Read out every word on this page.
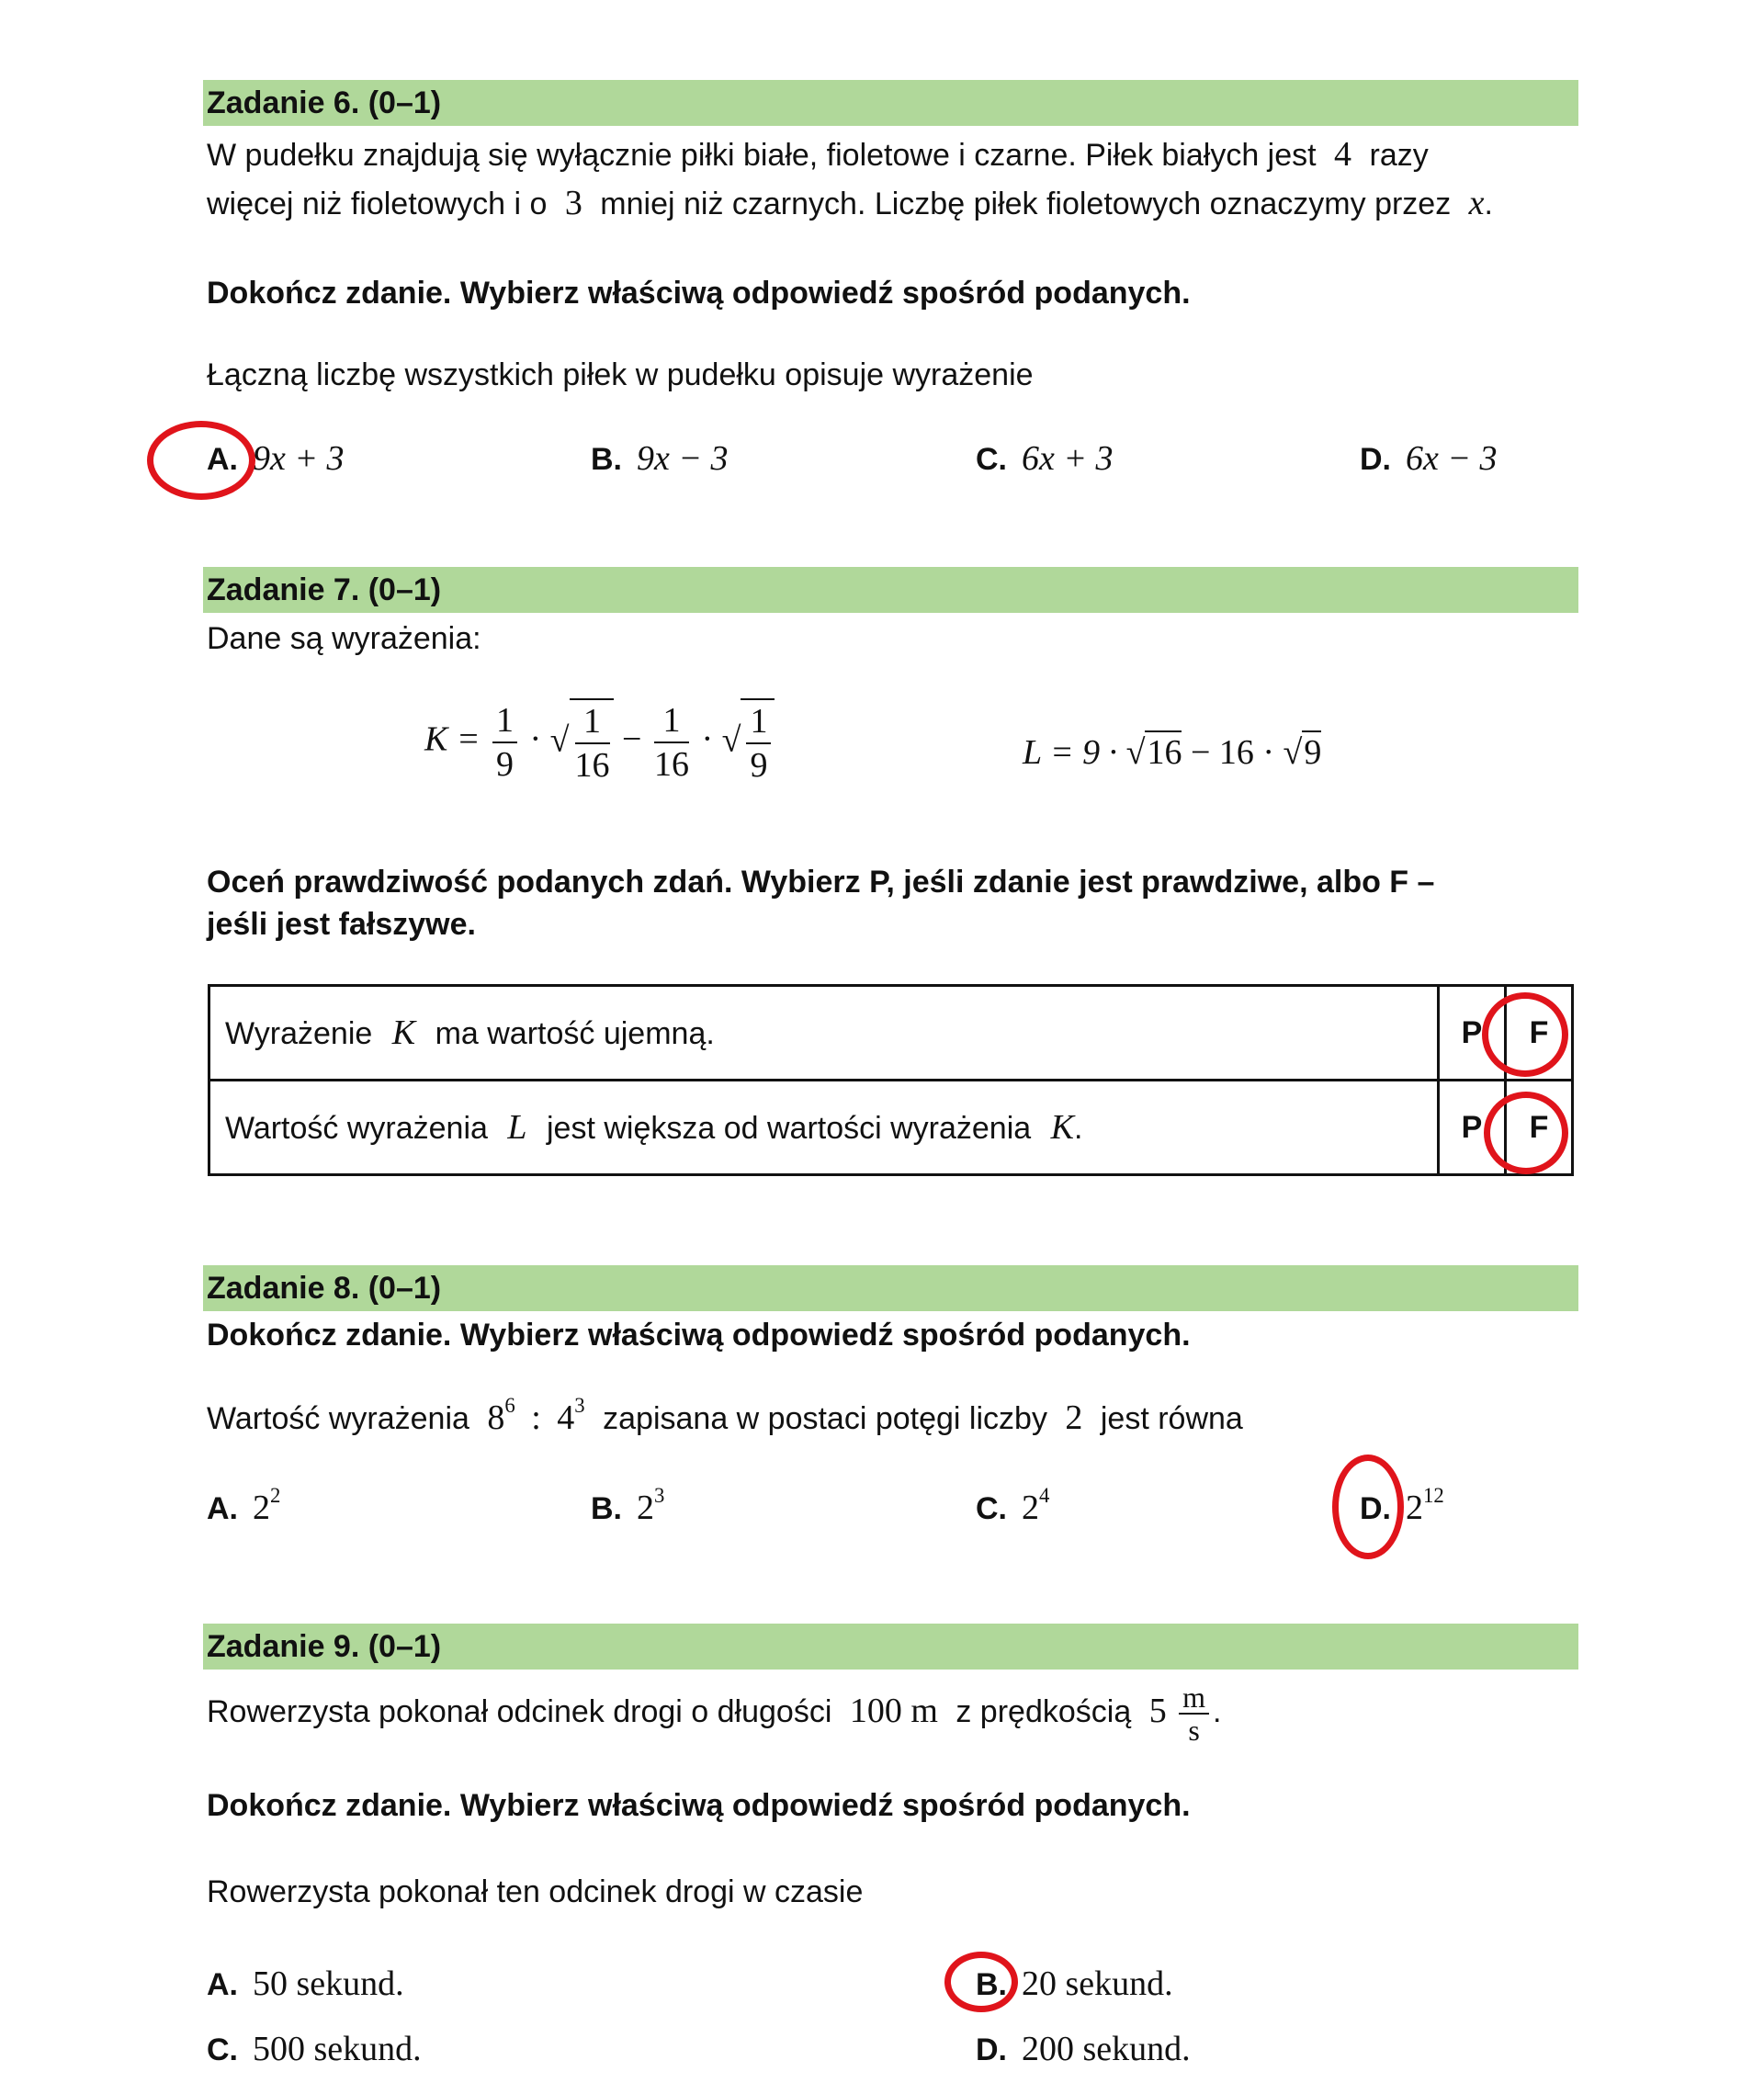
Zadanie 6. (0–1)
W pudełku znajdują się wyłącznie piłki białe, fioletowe i czarne. Piłek białych jest 4 razy
więcej niż fioletowych i o 3 mniej niż czarnych. Liczbę piłek fioletowych oznaczymy przez x.
Dokończ zdanie. Wybierz właściwą odpowiedź spośród podanych.
Łączną liczbę wszystkich piłek w pudełku opisuje wyrażenie
A. 9x + 3	B. 9x − 3	C. 6x + 3	D. 6x − 3
Zadanie 7. (0–1)
Dane są wyrażenia:
$K = \frac{1}{9}$ · √ $\frac{1}{16} - \frac{1}{16}$ · √ $\frac{1}{9}$	L = 9 · √16 − 16 · √9
Oceń prawdziwość podanych zdań. Wybierz P, jeśli zdanie jest prawdziwe, albo F –
jeśli jest fałszywe.
Wyrażenie K ma wartość ujemną.	P	F
Wartość wyrażenia L jest większa od wartości wyrażenia K.	P	F
Zadanie 8. (0–1)
Dokończ zdanie. Wybierz właściwą odpowiedź spośród podanych.
Wartość wyrażenia $8^6$ : $4^3$ zapisana w postaci potęgi liczby 2 jest równa
A. $2^2$	B. $2^3$	C. $2^4$	D. $2^{12}$
Zadanie 9. (0–1)
Rowerzysta pokonał odcinek drogi o długości 100 m z prędkością $5 \frac{m}{s}$ .
Dokończ zdanie. Wybierz właściwą odpowiedź spośród podanych.
Rowerzysta pokonał ten odcinek drogi w czasie
A. 50 sekund.	B. 20 sekund.
C. 500 sekund.	D. 200 sekund.
